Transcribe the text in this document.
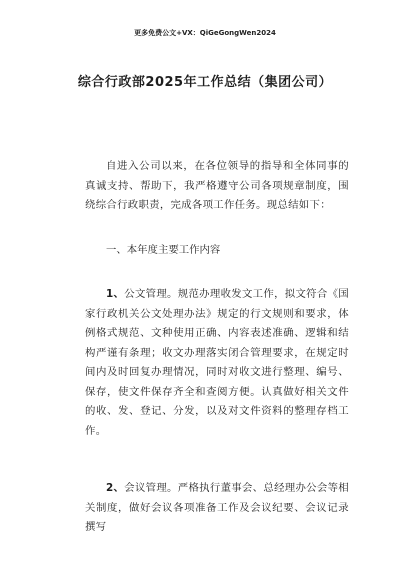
更多免费公文+VX：QiGeGongWen2024
综合行政部2025年工作总结（集团公司）

自进入公司以来，在各位领导的指导和全体同事的真诚支持、帮助下，我严格遵守公司各项规章制度，围绕综合行政职责，完成各项工作任务。现总结如下：

一、本年度主要工作内容

1、公文管理。规范办理收发文工作，拟文符合《国家行政机关公文处理办法》规定的行文规则和要求，体例格式规范、文种使用正确、内容表述准确、逻辑和结构严谨有条理；收文办理落实闭合管理要求，在规定时间内及时回复办理情况，同时对收文进行整理、编号、保存，使文件保存齐全和查阅方便。认真做好相关文件的收、发、登记、分发，以及对文件资料的整理存档工作。

2、会议管理。严格执行董事会、总经理办公会等相关制度，做好会议各项准备工作及会议纪要、会议记录撰写
